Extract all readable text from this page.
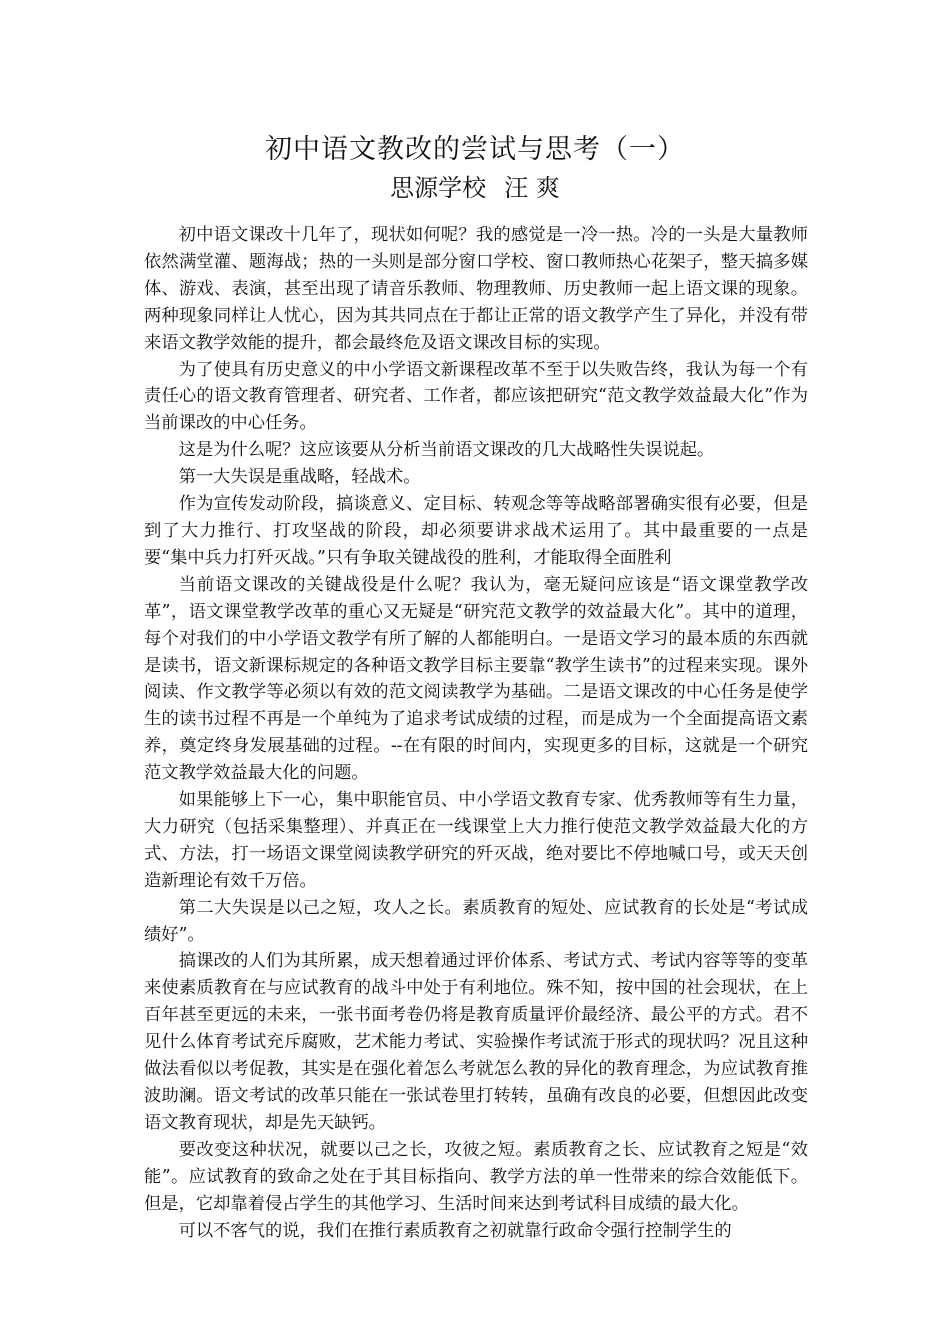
初中语文教改的尝试与思考（一）
思源学校 汪 爽

初中语文课改十几年了，现状如何呢？我的感觉是一冷一热。冷的一头是大量教师依然满堂灌、题海战；热的一头则是部分窗口学校、窗口教师热心花架子，整天搞多媒体、游戏、表演，甚至出现了请音乐教师、物理教师、历史教师一起上语文课的现象。两种现象同样让人忧心，因为其共同点在于都让正常的语文教学产生了异化，并没有带来语文教学效能的提升，都会最终危及语文课改目标的实现。

为了使具有历史意义的中小学语文新课程改革不至于以失败告终，我认为每一个有责任心的语文教育管理者、研究者、工作者，都应该把研究“范文教学效益最大化”作为当前课改的中心任务。

这是为什么呢？这应该要从分析当前语文课改的几大战略性失误说起。

第一大失误是重战略，轻战术。

作为宣传发动阶段，搞谈意义、定目标、转观念等等战略部署确实很有必要，但是到了大力推行、打攻坚战的阶段，却必须要讲求战术运用了。其中最重要的一点是要“集中兵力打歼灭战。”只有争取关键战役的胜利，才能取得全面胜利

当前语文课改的关键战役是什么呢？我认为，毫无疑问应该是“语文课堂教学改革”，语文课堂教学改革的重心又无疑是“研究范文教学的效益最大化”。其中的道理，每个对我们的中小学语文教学有所了解的人都能明白。一是语文学习的最本质的东西就是读书，语文新课标规定的各种语文教学目标主要靠“教学生读书”的过程来实现。课外阅读、作文教学等必须以有效的范文阅读教学为基础。二是语文课改的中心任务是使学生的读书过程不再是一个单纯为了追求考试成绩的过程，而是成为一个全面提高语文素养，奠定终身发展基础的过程。--在有限的时间内，实现更多的目标，这就是一个研究范文教学效益最大化的问题。

如果能够上下一心，集中职能官员、中小学语文教育专家、优秀教师等有生力量，大力研究（包括采集整理）、并真正在一线课堂上大力推行使范文教学效益最大化的方式、方法，打一场语文课堂阅读教学研究的歼灭战，绝对要比不停地喊口号，或天天创造新理论有效千万倍。

第二大失误是以己之短，攻人之长。素质教育的短处、应试教育的长处是“考试成绩好”。

搞课改的人们为其所累，成天想着通过评价体系、考试方式、考试内容等等的变革来使素质教育在与应试教育的战斗中处于有利地位。殊不知，按中国的社会现状，在上百年甚至更远的未来，一张书面考卷仍将是教育质量评价最经济、最公平的方式。君不见什么体育考试充斥腐败，艺术能力考试、实验操作考试流于形式的现状吗？况且这种做法看似以考促教，其实是在强化着怎么考就怎么教的异化的教育理念，为应试教育推波助澜。语文考试的改革只能在一张试卷里打转转，虽确有改良的必要，但想因此改变语文教育现状，却是先天缺钙。

要改变这种状况，就要以己之长，攻彼之短。素质教育之长、应试教育之短是“效能”。应试教育的致命之处在于其目标指向、教学方法的单一性带来的综合效能低下。但是，它却靠着侵占学生的其他学习、生活时间来达到考试科目成绩的最大化。

可以不客气的说，我们在推行素质教育之初就靠行政命令强行控制学生的
